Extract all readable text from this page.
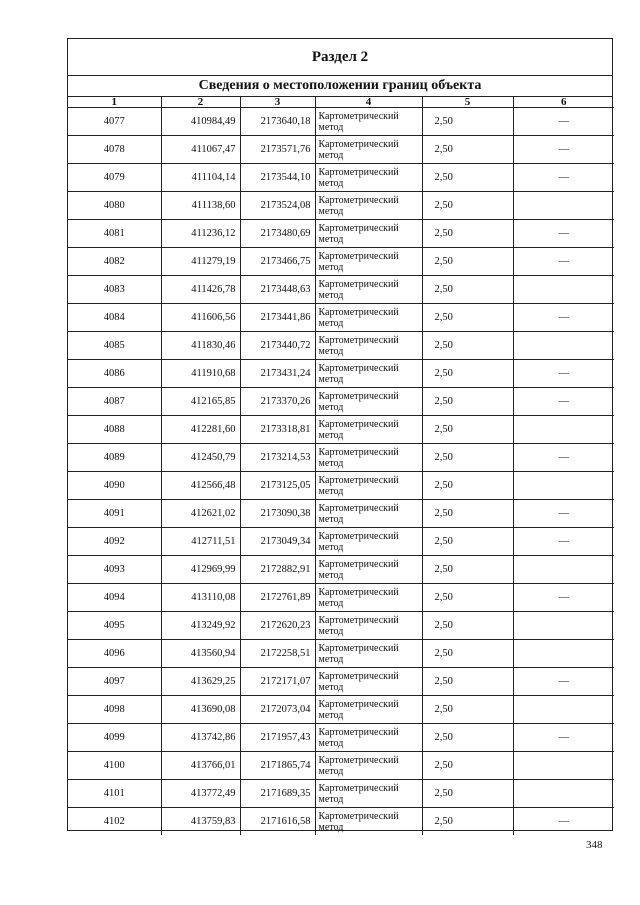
Раздел 2
Сведения о местоположении границ объекта
1	2	3	4	5	6
4077	410984,49	2173640,18	Картометрический метод	2,50	—
4078	411067,47	2173571,76	Картометрический метод	2,50	—
4079	411104,14	2173544,10	Картометрический метод	2,50	—
4080	411138,60	2173524,08	Картометрический метод	2,50	
4081	411236,12	2173480,69	Картометрический метод	2,50	—
4082	411279,19	2173466,75	Картометрический метод	2,50	—
4083	411426,78	2173448,63	Картометрический метод	2,50	
4084	411606,56	2173441,86	Картометрический метод	2,50	—
4085	411830,46	2173440,72	Картометрический метод	2,50	
4086	411910,68	2173431,24	Картометрический метод	2,50	—
4087	412165,85	2173370,26	Картометрический метод	2,50	—
4088	412281,60	2173318,81	Картометрический метод	2,50	
4089	412450,79	2173214,53	Картометрический метод	2,50	—
4090	412566,48	2173125,05	Картометрический метод	2,50	
4091	412621,02	2173090,38	Картометрический метод	2,50	—
4092	412711,51	2173049,34	Картометрический метод	2,50	—
4093	412969,99	2172882,91	Картометрический метод	2,50	
4094	413110,08	2172761,89	Картометрический метод	2,50	—
4095	413249,92	2172620,23	Картометрический метод	2,50	
4096	413560,94	2172258,51	Картометрический метод	2,50	
4097	413629,25	2172171,07	Картометрический метод	2,50	—
4098	413690,08	2172073,04	Картометрический метод	2,50	
4099	413742,86	2171957,43	Картометрический метод	2,50	—
4100	413766,01	2171865,74	Картометрический метод	2,50	
4101	413772,49	2171689,35	Картометрический метод	2,50	
4102	413759,83	2171616,58	Картометрический метод	2,50	—
348
